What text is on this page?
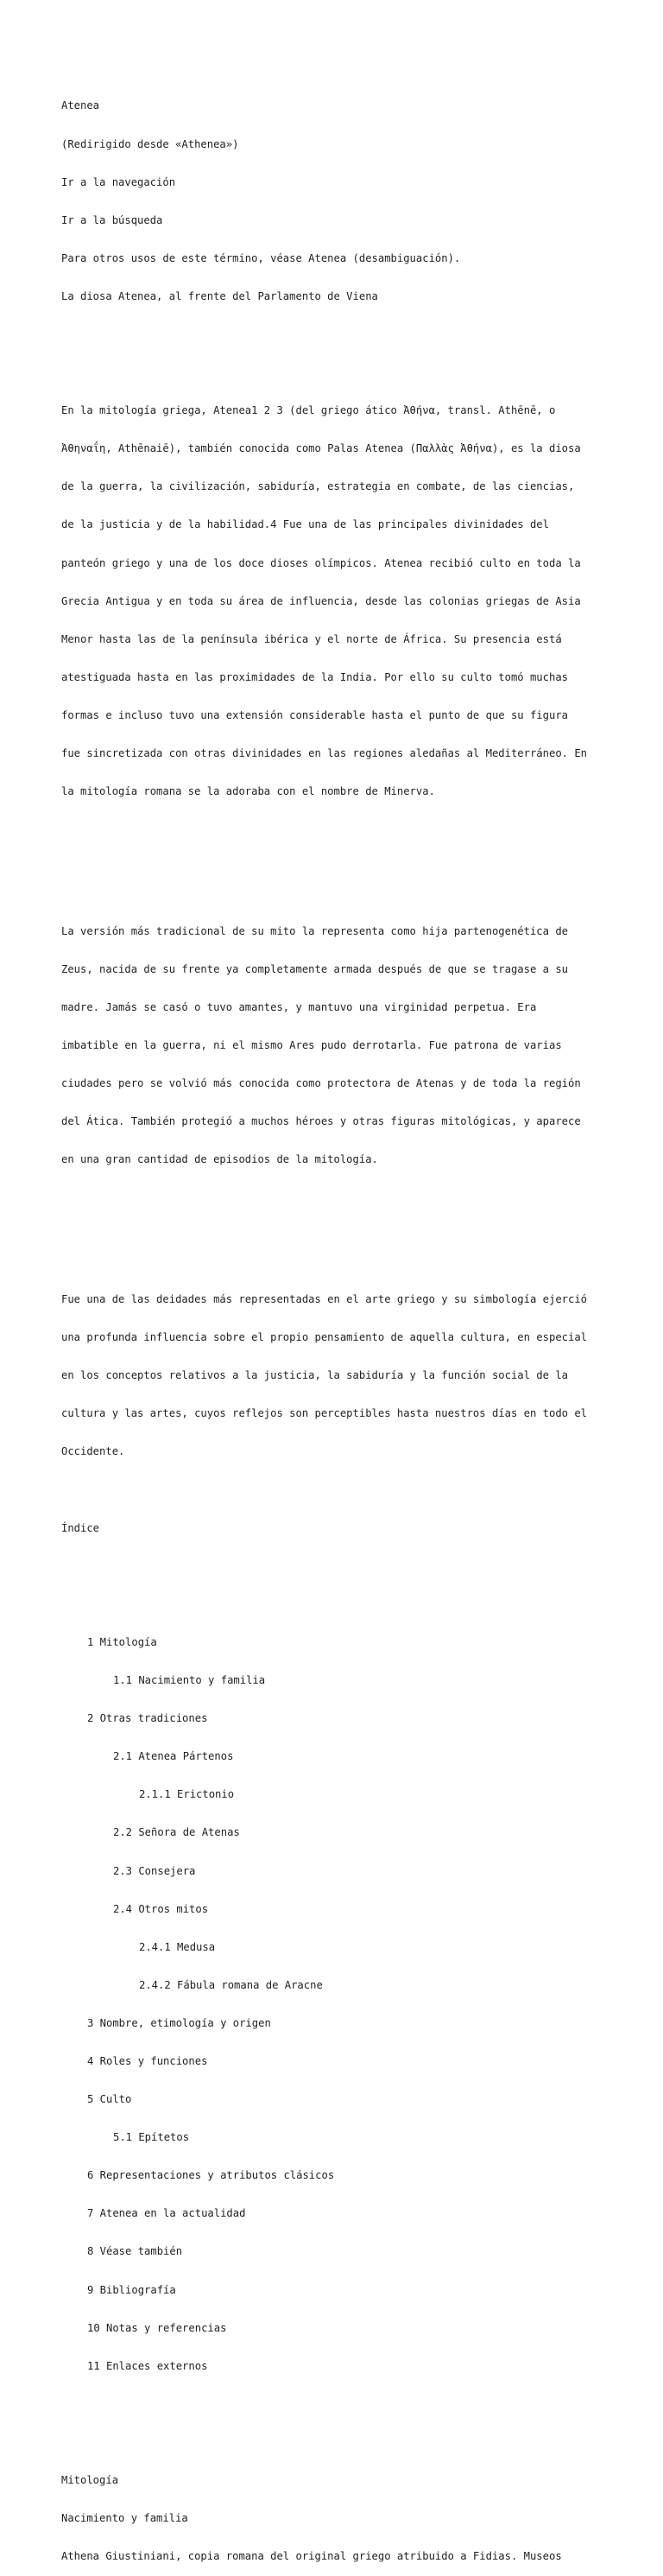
Atenea

(Redirigido desde «Athenea»)

Ir a la navegación

Ir a la búsqueda

Para otros usos de este término, véase Atenea (desambiguación).

La diosa Atenea, al frente del Parlamento de Viena

En la mitología griega, Atenea1 2 3 (del griego ático Ἀθήνα, transl. Athēnē, o

Ἀθηναΐη, Athēnaiē), también conocida como Palas Atenea (Παλλὰς Ἀθήνα), es la diosa

de la guerra, la civilización, sabiduría, estrategia en combate, de las ciencias,

de la justicia y de la habilidad.4 Fue una de las principales divinidades del

panteón griego y una de los doce dioses olímpicos. Atenea recibió culto en toda la

Grecia Antigua y en toda su área de influencia, desde las colonias griegas de Asia

Menor hasta las de la península ibérica y el norte de África. Su presencia está

atestiguada hasta en las proximidades de la India. Por ello su culto tomó muchas

formas e incluso tuvo una extensión considerable hasta el punto de que su figura

fue sincretizada con otras divinidades en las regiones aledañas al Mediterráneo. En

la mitología romana se la adoraba con el nombre de Minerva.

La versión más tradicional de su mito la representa como hija partenogenética de

Zeus, nacida de su frente ya completamente armada después de que se tragase a su

madre. Jamás se casó o tuvo amantes, y mantuvo una virginidad perpetua. Era

imbatible en la guerra, ni el mismo Ares pudo derrotarla. Fue patrona de varias

ciudades pero se volvió más conocida como protectora de Atenas y de toda la región

del Ática. También protegió a muchos héroes y otras figuras mitológicas, y aparece

en una gran cantidad de episodios de la mitología.

Fue una de las deidades más representadas en el arte griego y su simbología ejerció

una profunda influencia sobre el propio pensamiento de aquella cultura, en especial

en los conceptos relativos a la justicia, la sabiduría y la función social de la

cultura y las artes, cuyos reflejos son perceptibles hasta nuestros días en todo el

Occidente.

Índice

1 Mitología

1.1 Nacimiento y familia

2 Otras tradiciones

2.1 Atenea Pártenos

2.1.1 Erictonio

2.2 Señora de Atenas

2.3 Consejera

2.4 Otros mitos

2.4.1 Medusa

2.4.2 Fábula romana de Aracne

3 Nombre, etimología y origen

4 Roles y funciones

5 Culto

5.1 Epítetos

6 Representaciones y atributos clásicos

7 Atenea en la actualidad

8 Véase también

9 Bibliografía

10 Notas y referencias

11 Enlaces externos

Mitología

Nacimiento y familia

Athena Giustiniani, copia romana del original griego atribuido a Fidias. Museos
